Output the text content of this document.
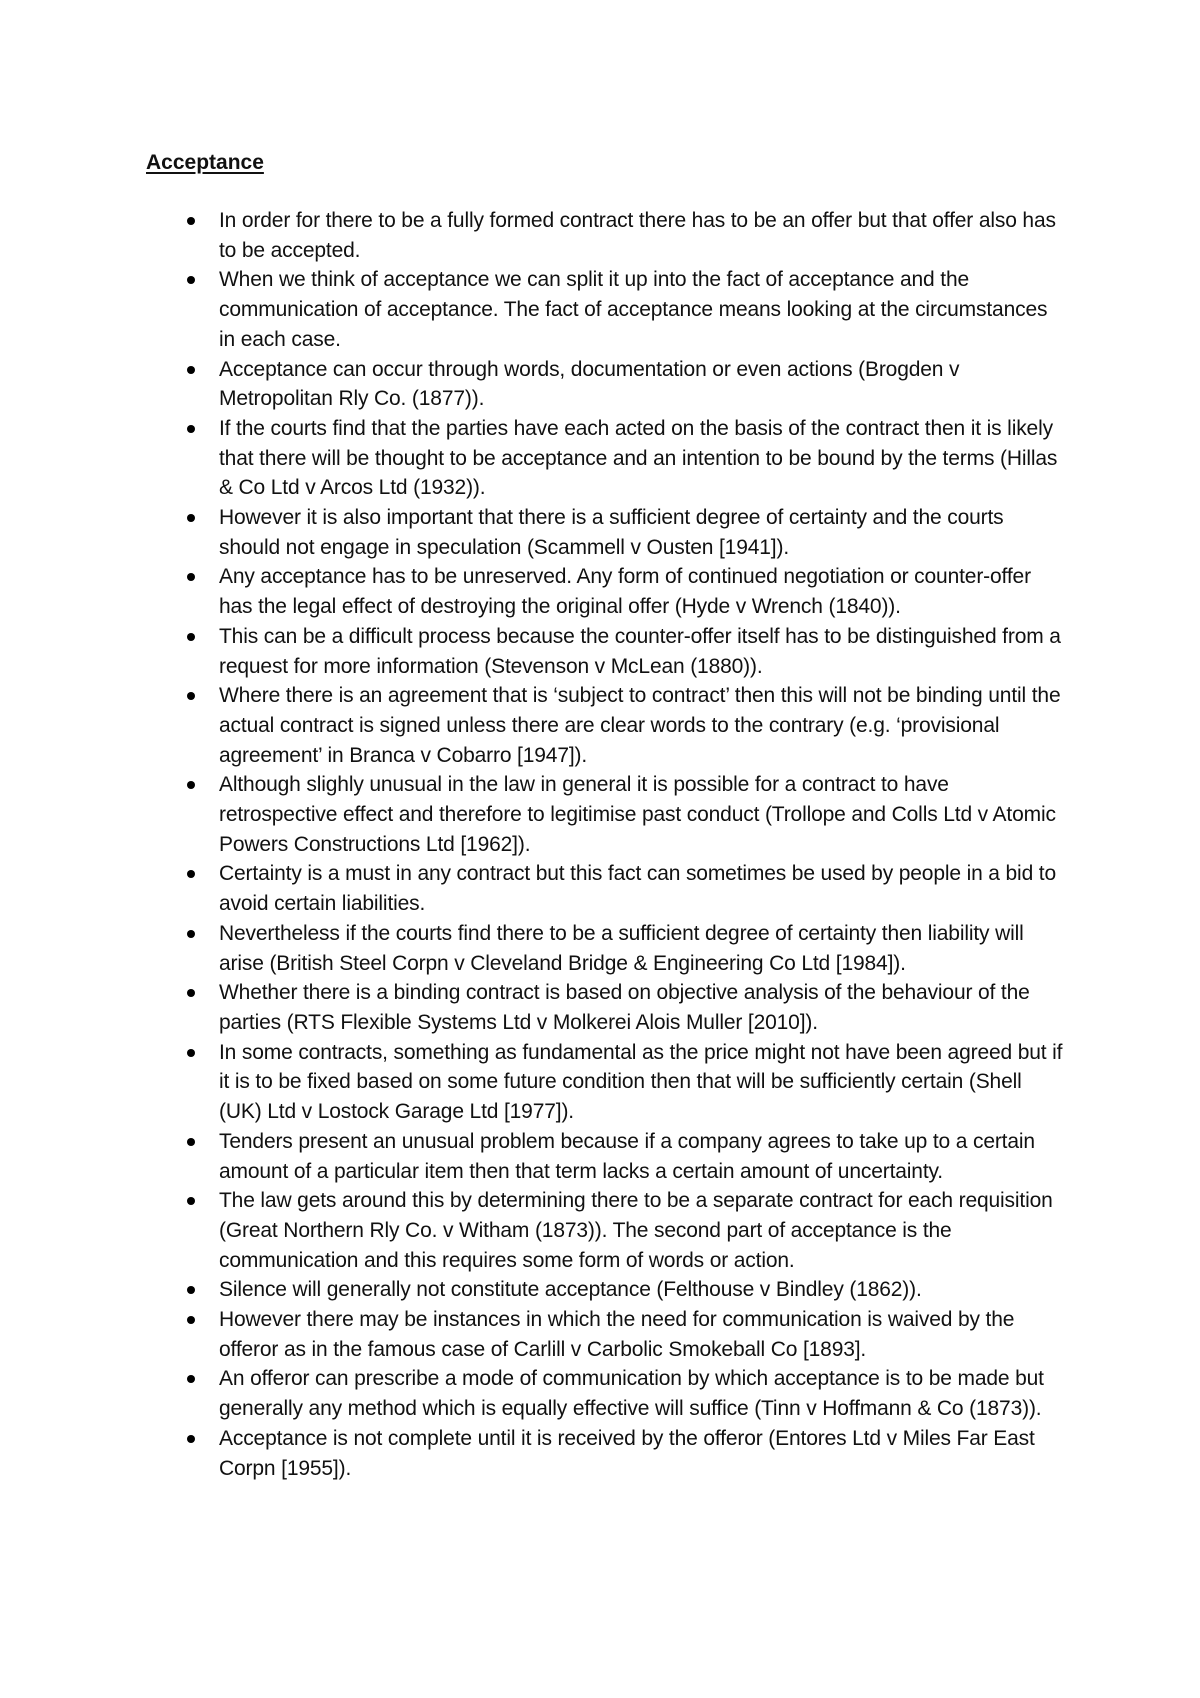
Acceptance
In order for there to be a fully formed contract there has to be an offer but that offer also has to be accepted.
When we think of acceptance we can split it up into the fact of acceptance and the communication of acceptance. The fact of acceptance means looking at the circumstances in each case.
Acceptance can occur through words, documentation or even actions (Brogden v Metropolitan Rly Co. (1877)).
If the courts find that the parties have each acted on the basis of the contract then it is likely that there will be thought to be acceptance and an intention to be bound by the terms (Hillas & Co Ltd v Arcos Ltd (1932)).
However it is also important that there is a sufficient degree of certainty and the courts should not engage in speculation (Scammell v Ousten [1941]).
Any acceptance has to be unreserved. Any form of continued negotiation or counter-offer has the legal effect of destroying the original offer (Hyde v Wrench (1840)).
This can be a difficult process because the counter-offer itself has to be distinguished from a request for more information (Stevenson v McLean (1880)).
Where there is an agreement that is ‘subject to contract’ then this will not be binding until the actual contract is signed unless there are clear words to the contrary (e.g. ‘provisional agreement’ in Branca v Cobarro [1947]).
Although slighly unusual in the law in general it is possible for a contract to have retrospective effect and therefore to legitimise past conduct (Trollope and Colls Ltd v Atomic Powers Constructions Ltd [1962]).
Certainty is a must in any contract but this fact can sometimes be used by people in a bid to avoid certain liabilities.
Nevertheless if the courts find there to be a sufficient degree of certainty then liability will arise (British Steel Corpn v Cleveland Bridge & Engineering Co Ltd [1984]).
Whether there is a binding contract is based on objective analysis of the behaviour of the parties (RTS Flexible Systems Ltd v Molkerei Alois Muller [2010]).
In some contracts, something as fundamental as the price might not have been agreed but if it is to be fixed based on some future condition then that will be sufficiently certain (Shell (UK) Ltd v Lostock Garage Ltd [1977]).
Tenders present an unusual problem because if a company agrees to take up to a certain amount of a particular item then that term lacks a certain amount of uncertainty.
The law gets around this by determining there to be a separate contract for each requisition (Great Northern Rly Co. v Witham (1873)). The second part of acceptance is the communication and this requires some form of words or action.
Silence will generally not constitute acceptance (Felthouse v Bindley (1862)).
However there may be instances in which the need for communication is waived by the offeror as in the famous case of Carlill v Carbolic Smokeball Co [1893].
An offeror can prescribe a mode of communication by which acceptance is to be made but generally any method which is equally effective will suffice (Tinn v Hoffmann & Co (1873)).
Acceptance is not complete until it is received by the offeror (Entores Ltd v Miles Far East Corpn [1955]).
